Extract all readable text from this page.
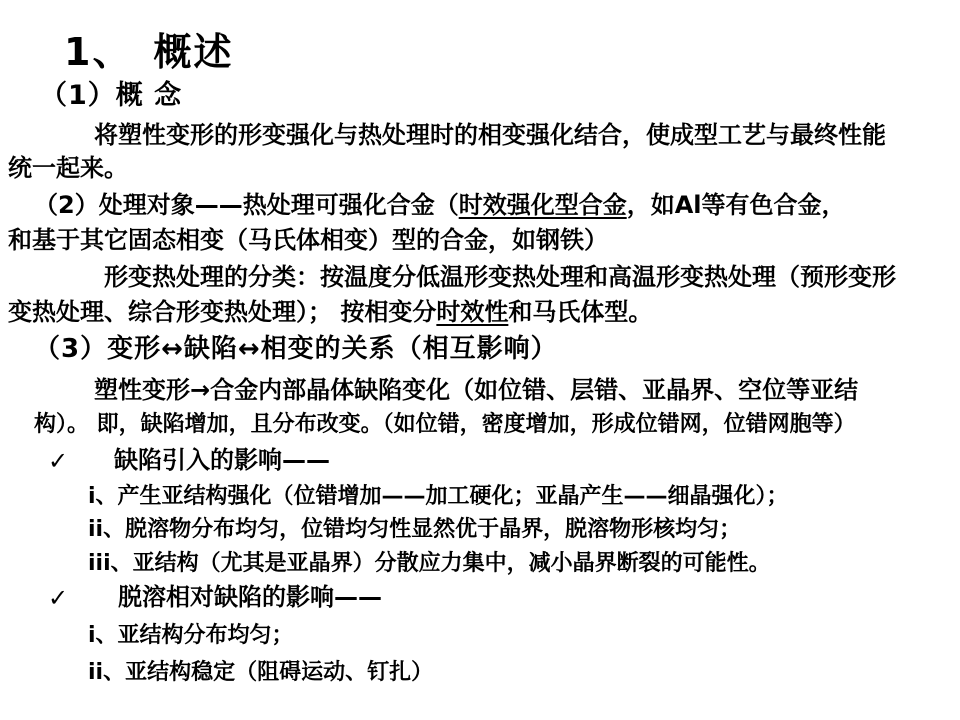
1、　概述
（1）概 念
将塑性变形的形变强化与热处理时的相变强化结合，使成型工艺与最终性能
统一起来。
（2）处理对象——热处理可强化合金（时效强化型合金，如Al等有色合金，
和基于其它固态相变（马氏体相变）型的合金，如钢铁）
形变热处理的分类：按温度分低温形变热处理和高温形变热处理（预形变形
变热处理、综合形变热处理）； 按相变分时效性和马氏体型。
（3）变形↔缺陷↔相变的关系（相互影响）
塑性变形→合金内部晶体缺陷变化（如位错、层错、亚晶界、空位等亚结
构）。 即，缺陷增加，且分布改变。（如位错，密度增加，形成位错网，位错网胞等）
✓ 缺陷引入的影响——
i、产生亚结构强化（位错增加——加工硬化；亚晶产生——细晶强化）；
ii、脱溶物分布均匀，位错均匀性显然优于晶界，脱溶物形核均匀；
iii、亚结构（尤其是亚晶界）分散应力集中，减小晶界断裂的可能性。
✓ 脱溶相对缺陷的影响——
i、亚结构分布均匀；
ii、亚结构稳定（阻碍运动、钉扎）
